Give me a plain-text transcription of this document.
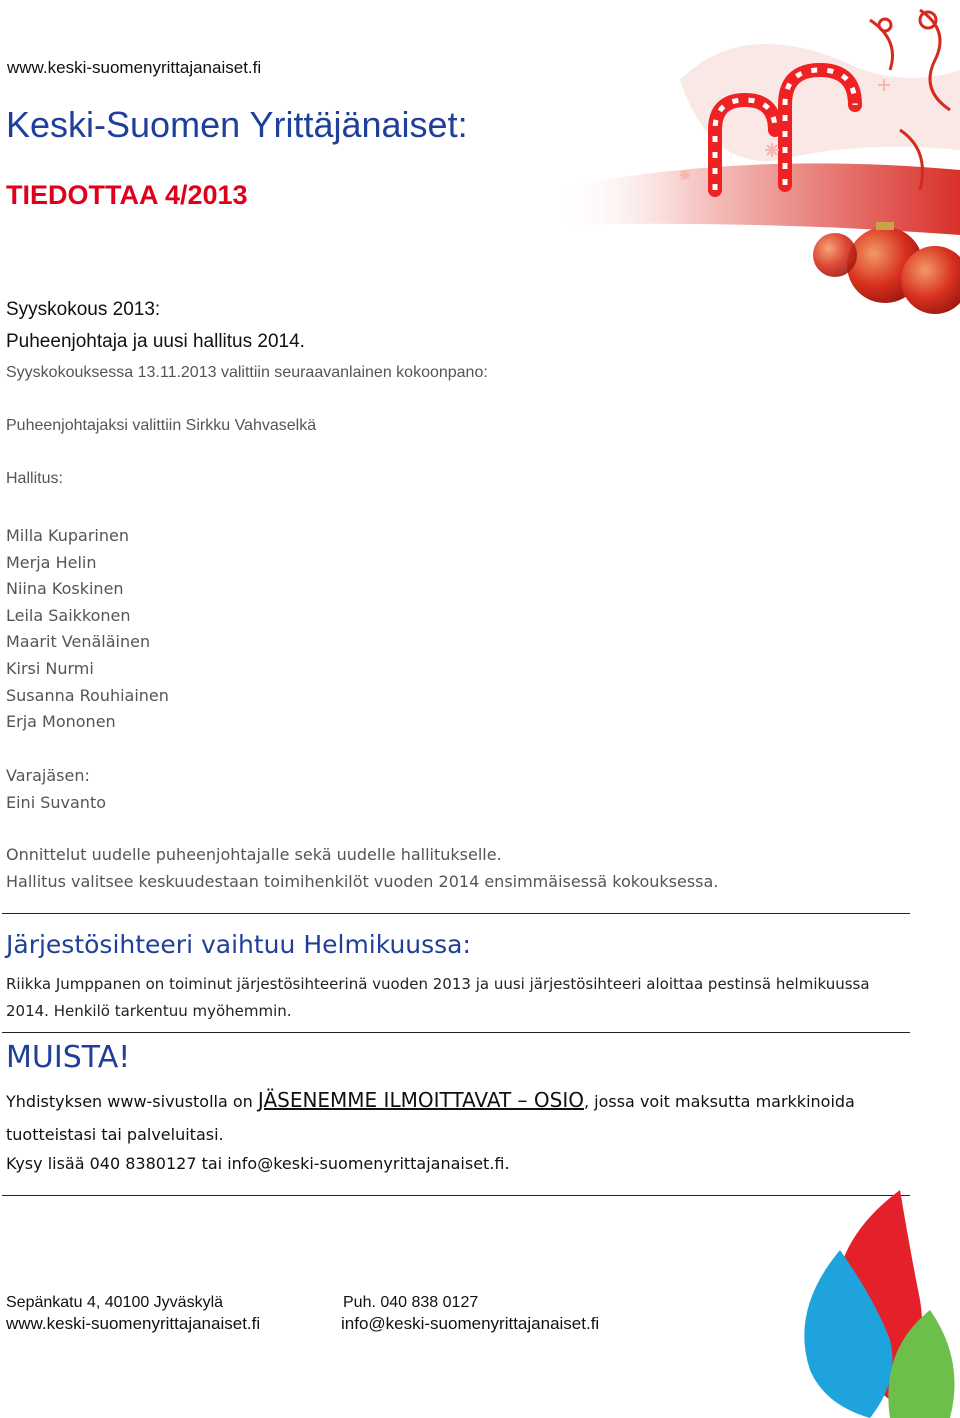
www.keski-suomenyrittajanaiset.fi
Keski-Suomen Yrittäjänaiset:
TIEDOTTAA 4/2013
Syyskokous 2013:
Puheenjohtaja ja uusi hallitus 2014.
Syyskokouksessa 13.11.2013 valittiin seuraavanlainen kokoonpano:
Puheenjohtajaksi valittiin Sirkku Vahvaselkä
Hallitus:
Milla Kuparinen
Merja Helin
Niina Koskinen
Leila Saikkonen
Maarit Venäläinen
Kirsi Nurmi
Susanna Rouhiainen
Erja Mononen
Varajäsen:
Eini Suvanto
Onnittelut uudelle puheenjohtajalle sekä uudelle hallitukselle.
Hallitus valitsee keskuudestaan toimihenkilöt vuoden 2014 ensimmäisessä kokouksessa.
Järjestösihteeri vaihtuu Helmikuussa:
Riikka Jumppanen on toiminut järjestösihteerinä vuoden 2013 ja uusi järjestösihteeri aloittaa pestinsä helmikuussa
2014. Henkilö tarkentuu myöhemmin.
MUISTA!
Yhdistyksen www-sivustolla on JÄSENEMME ILMOITTAVAT – OSIO, jossa voit maksutta markkinoida
tuotteistasi tai palveluitasi.
Kysy lisää 040 8380127 tai info@keski-suomenyrittajanaiset.fi.
Sepänkatu 4, 40100 Jyväskylä	Puh. 040 838 0127
www.keski-suomenyrittajanaiset.fi	info@keski-suomenyrittajanaiset.fi
